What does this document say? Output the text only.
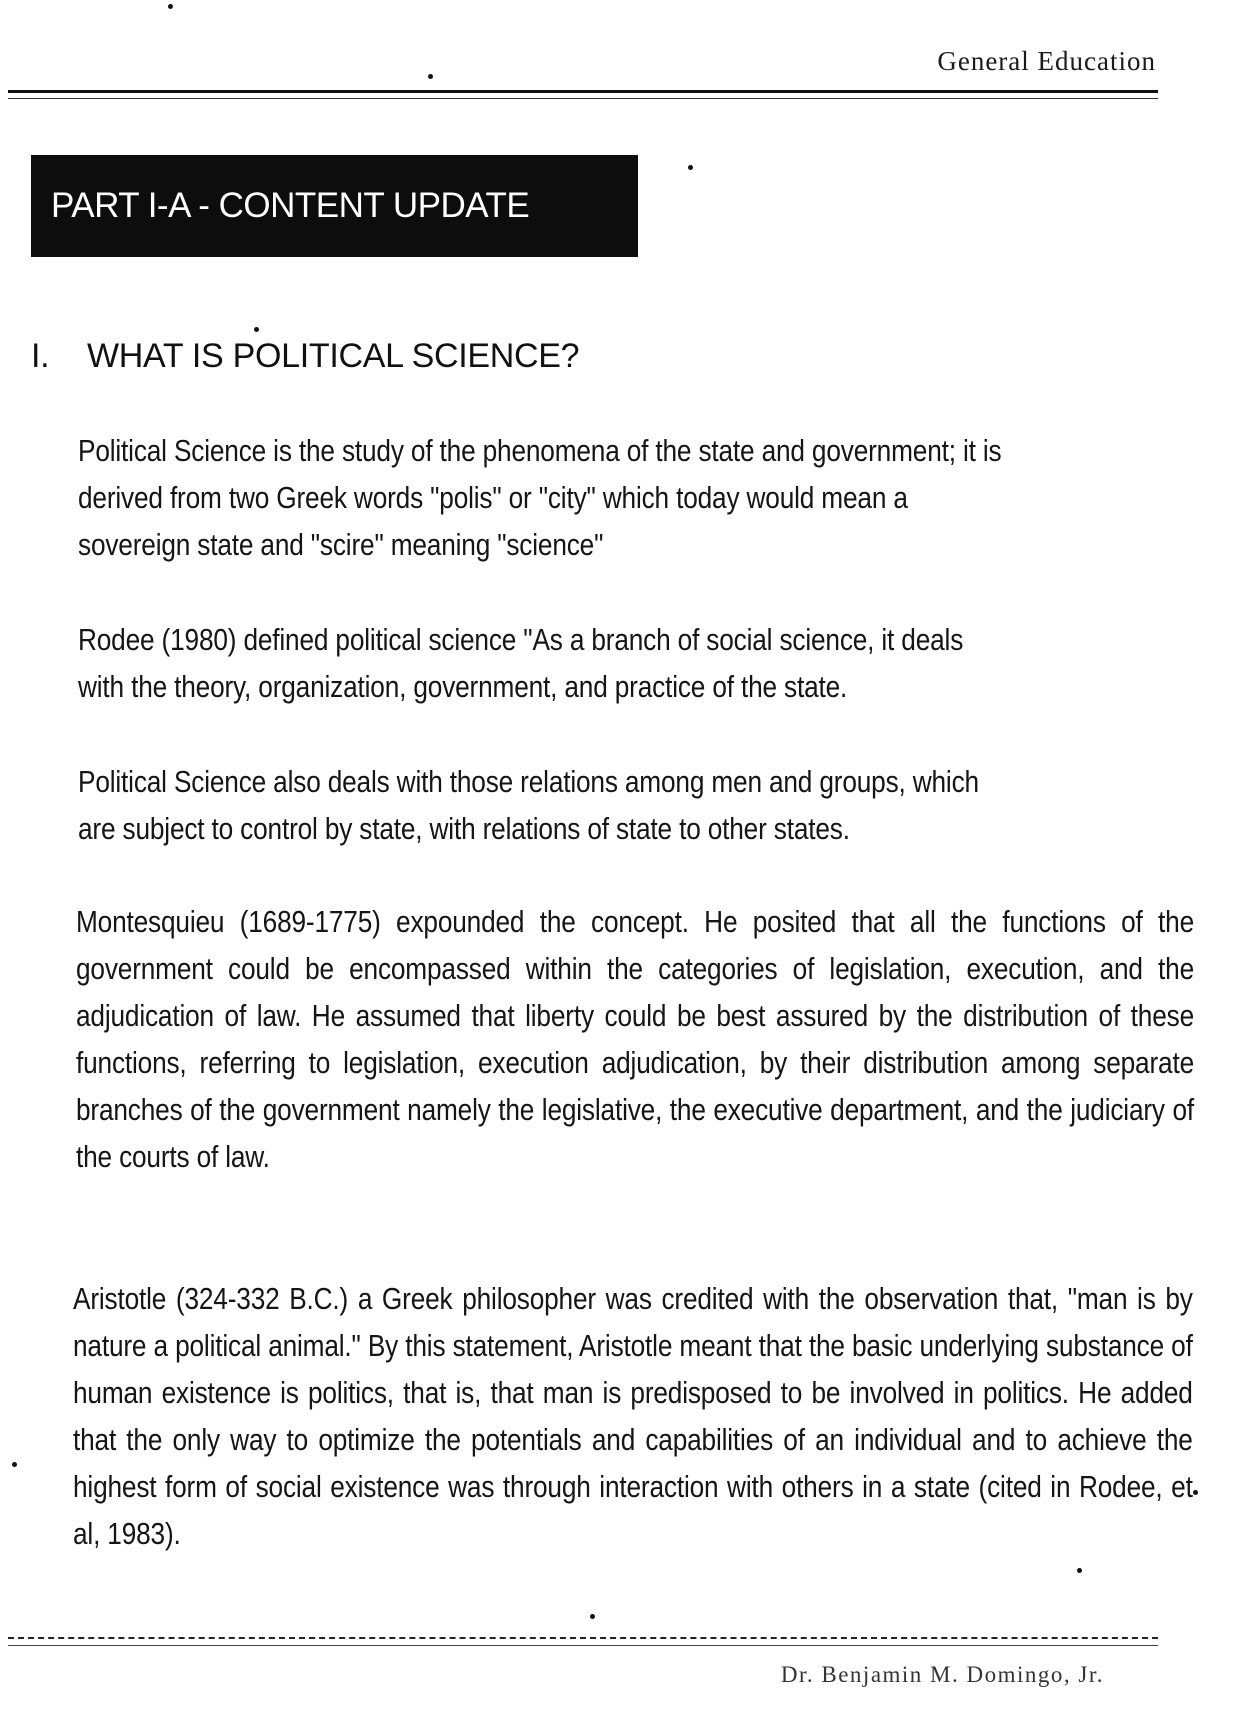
General Education
PART I-A - CONTENT UPDATE
I. WHAT IS POLITICAL SCIENCE?
Political Science is the study of the phenomena of the state and government; it is derived from two Greek words "polis" or "city" which today would mean a sovereign state and "scire" meaning "science"
Rodee (1980) defined political science "As a branch of social science, it deals with the theory, organization, government, and practice of the state.
Political Science also deals with those relations among men and groups, which are subject to control by state, with relations of state to other states.
Montesquieu (1689-1775) expounded the concept. He posited that all the functions of the government could be encompassed within the categories of legislation, execution, and the adjudication of law. He assumed that liberty could be best assured by the distribution of these functions, referring to legislation, execution adjudication, by their distribution among separate branches of the government namely the legislative, the executive department, and the judiciary of the courts of law.
Aristotle (324-332 B.C.) a Greek philosopher was credited with the observation that, "man is by nature a political animal." By this statement, Aristotle meant that the basic underlying substance of human existence is politics, that is, that man is predisposed to be involved in politics. He added that the only way to optimize the potentials and capabilities of an individual and to achieve the highest form of social existence was through interaction with others in a state (cited in Rodee, et al, 1983).
Dr. Benjamin M. Domingo, Jr.
